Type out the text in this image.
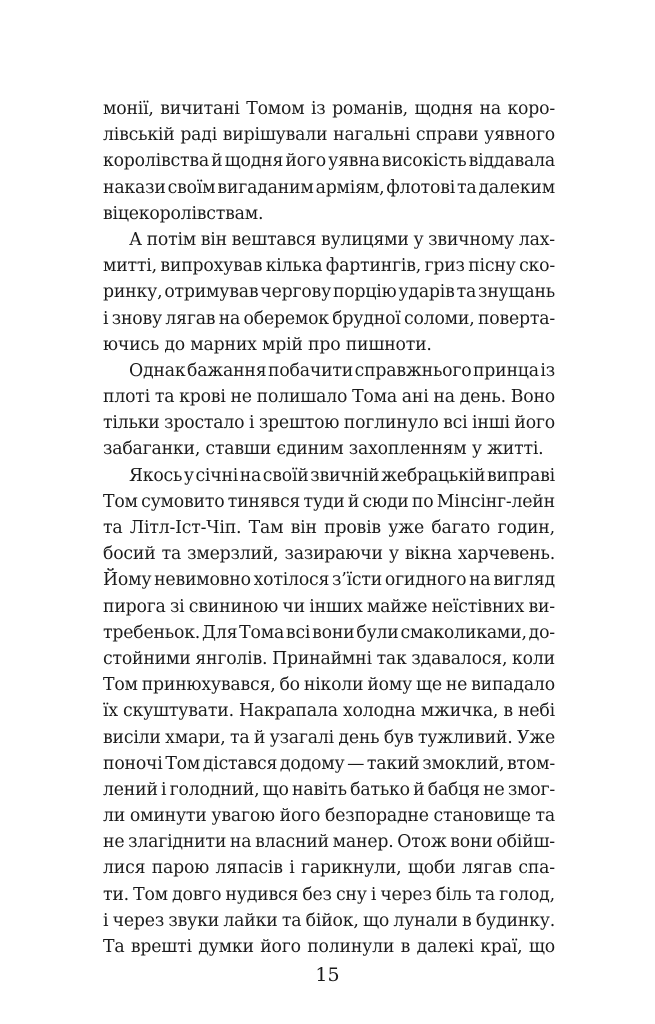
монії, вичитані Томом із романів, щодня на коро-
лівській раді вирішували нагальні справи уявного
королівства й щодня його уявна високість віддавала
накази своїм вигаданим арміям, флотові та далеким
віцекоролівствам.
А потім він вештався вулицями у звичному лах-
митті, випрохував кілька фартингів, гриз пісну ско-
ринку, отримував чергову порцію ударів та знущань
і знову лягав на оберемок брудної соломи, поверта-
ючись до марних мрій про пишноти.
Однак бажання побачити справжнього принца із
плоті та крові не полишало Тома ані на день. Воно
тільки зростало і зрештою поглинуло всі інші його
забаганки, ставши єдиним захопленням у житті.
Якось у січні на своїй звичній жебрацькій виправі
Том сумовито тинявся туди й сюди по Мінсінг-лейн
та Літл-Іст-Чіп. Там він провів уже багато годин,
босий та змерзлий, зазираючи у вікна харчевень.
Йому невимовно хотілося з’їсти огидного на вигляд
пирога зі свининою чи інших майже неїстівних ви-
требеньок. Для Тома всі вони були смаколиками, до-
стойними янголів. Принаймні так здавалося, коли
Том принюхувався, бо ніколи йому ще не випадало
їх скуштувати. Накрапала холодна мжичка, в небі
висіли хмари, та й узагалі день був тужливий. Уже
поночі Том дістався додому — такий змоклий, втом-
лений і голодний, що навіть батько й бабця не змог-
ли оминути увагою його безпорадне становище та
не злагіднити на власний манер. Отож вони обійш-
лися парою ляпасів і гарикнули, щоби лягав спа-
ти. Том довго нудився без сну і через біль та голод,
і через звуки лайки та бійок, що лунали в будинку.
Та врешті думки його полинули в далекі краї, що
15
